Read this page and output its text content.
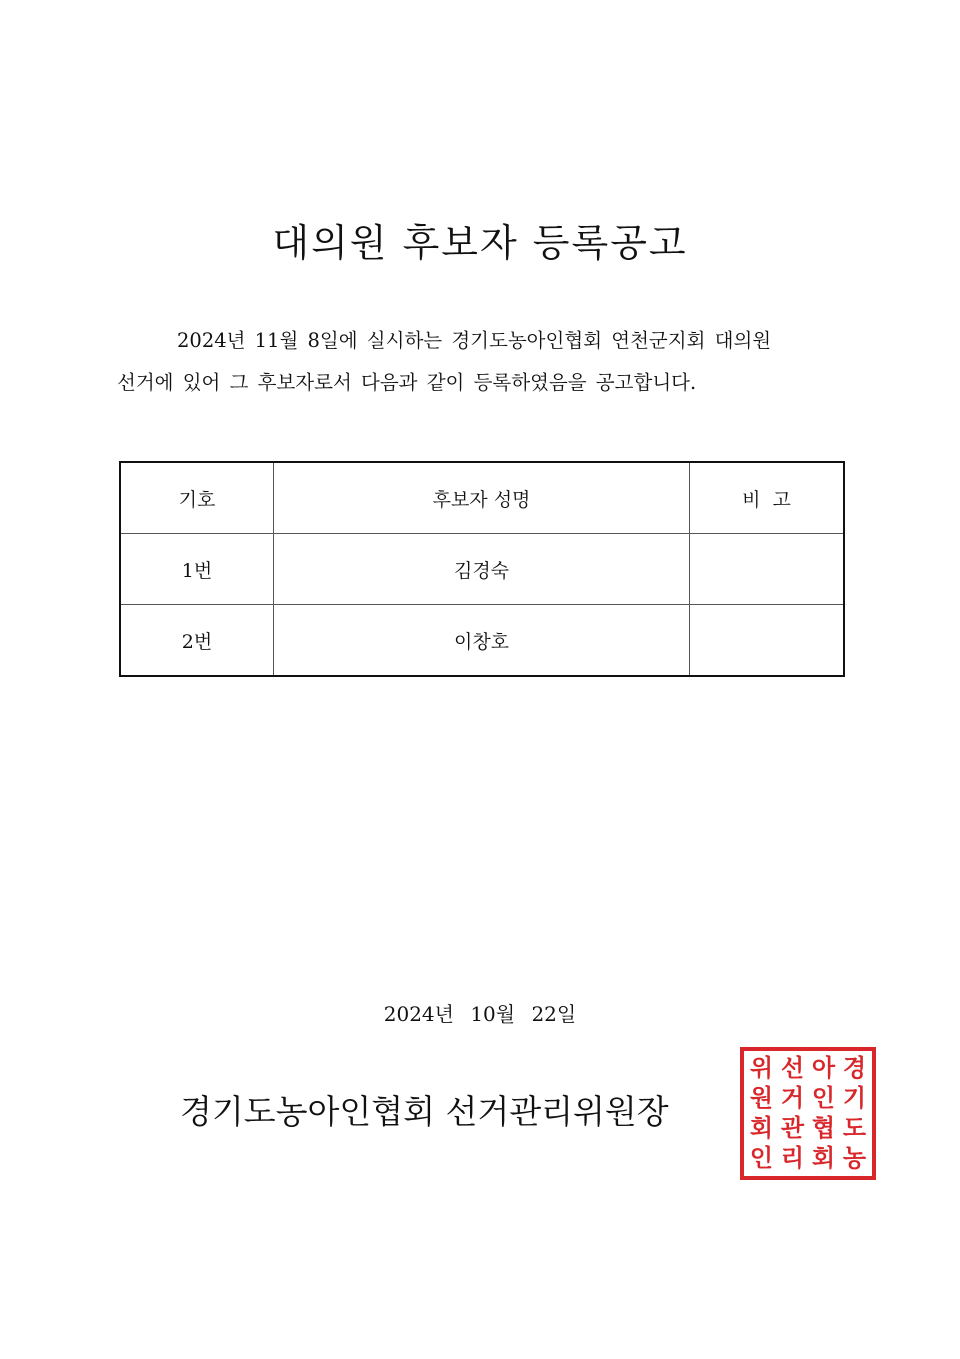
대의원 후보자 등록공고
2024년 11월 8일에 실시하는 경기도농아인협회 연천군지회 대의원
선거에 있어 그 후보자로서 다음과 같이 등록하였음을 공고합니다.
기호	후보자 성명	비  고
1번	김경숙	
2번	이창호	
2024년 10월 22일
경기도농아인협회 선거관리위원장
경
기
도
농
아
인
협
회
선
거
관
리
위
원
회
인
